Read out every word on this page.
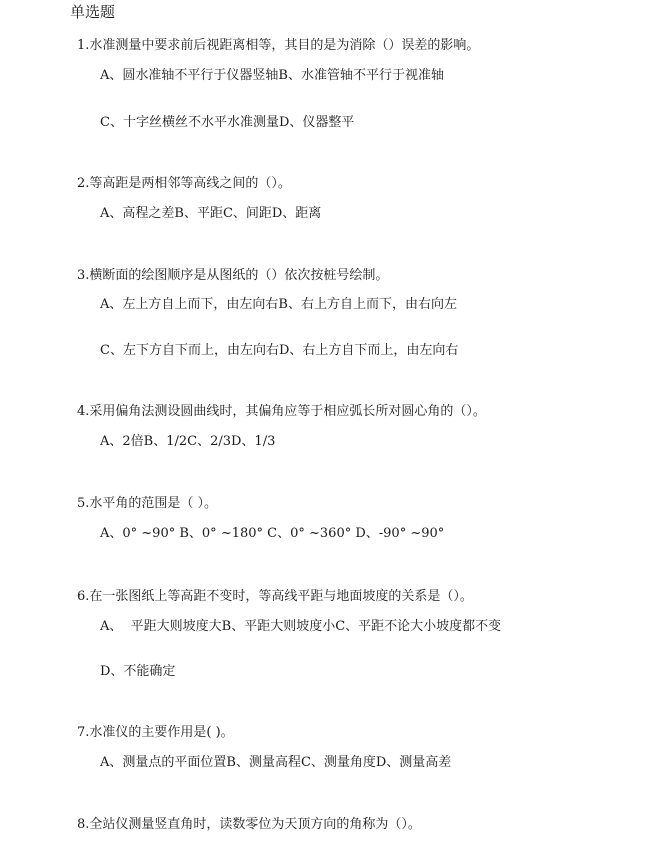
单选题

1.水准测量中要求前后视距离相等，其目的是为消除（）误差的影响。

A、圆水准轴不平行于仪器竖轴B、水准管轴不平行于视准轴

C、十字丝横丝不水平水准测量D、仪器整平

2.等高距是两相邻等高线之间的（）。

A、高程之差B、平距C、间距D、距离

3.横断面的绘图顺序是从图纸的（）依次按桩号绘制。

A、左上方自上而下，由左向右B、右上方自上而下，由右向左

C、左下方自下而上，由左向右D、右上方自下而上，由左向右

4.采用偏角法测设圆曲线时，其偏角应等于相应弧长所对圆心角的（）。

A、2倍B、1/2C、2/3D、1/3

5.水平角的范围是（ ）。

A、0° ~90° B、0° ~180° C、0° ~360° D、-90° ~90°

6.在一张图纸上等高距不变时，等高线平距与地面坡度的关系是（）。

A、  平距大则坡度大B、平距大则坡度小C、平距不论大小坡度都不变

D、不能确定

7.水准仪的主要作用是( )。

A、测量点的平面位置B、测量高程C、测量角度D、测量高差

8.全站仪测量竖直角时，读数零位为天顶方向的角称为（）。
